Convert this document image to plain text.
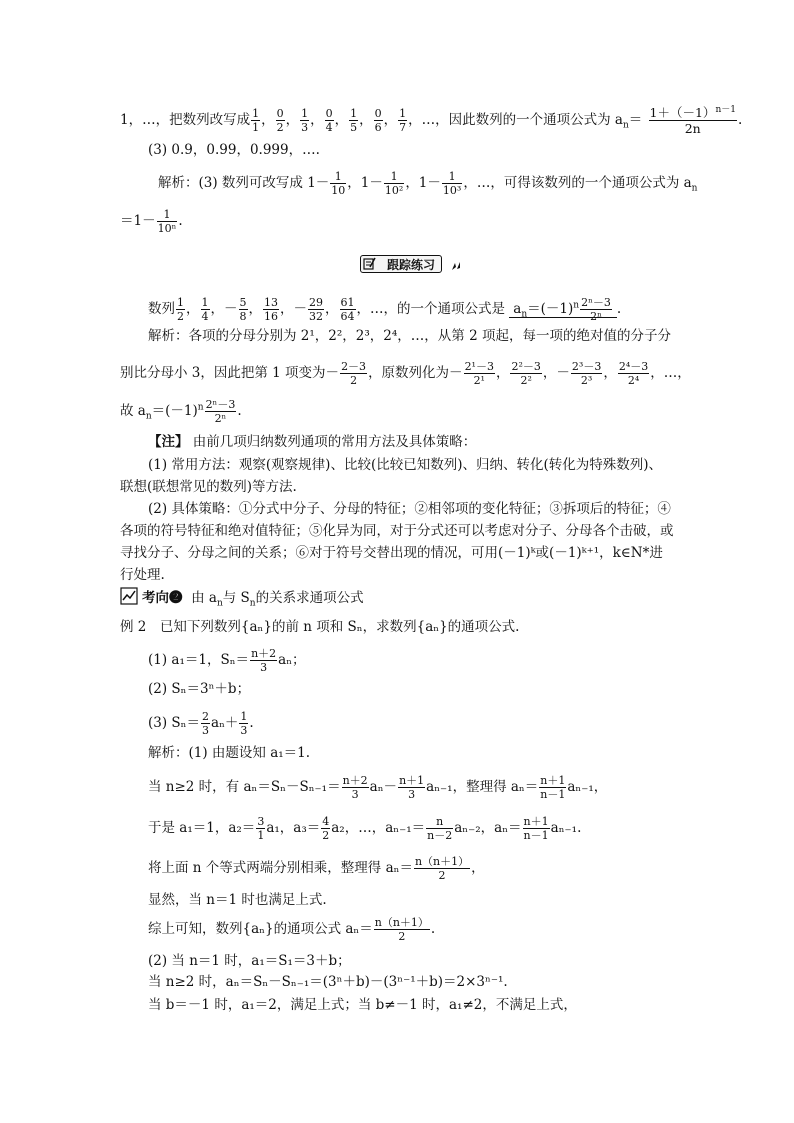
1，…，把数列改写成 $\frac{1}{1}$ ， $\frac{0}{2}$ ， $\frac{1}{3}$ ， $\frac{0}{4}$ ， $\frac{1}{5}$ ， $\frac{0}{6}$ ， $\frac{1}{7}$ ，…，因此数列的一个通项公式为 $a_n= \frac{1+(-1)^{n-1}}{2n}$ .
(3) 0.9，0.99，0.999，….
解析：(3) 数列可改写成 $1- \frac{1}{10}$ ，$1- \frac{1}{\text{10²}}$ ，$1- \frac{1}{\text{10³}}$ ，…，可得该数列的一个通项公式为 $a_n$
$=1- \frac{1}{\text{10ⁿ}}$ .
跟踪练习
数列 $\frac{1}{2}$ ， $\frac{1}{4}$ ，－ $\frac{5}{8}$ ， $\frac{13}{16}$ ，－ $\frac{29}{32}$ ， $\frac{61}{64}$ ，…，的一个通项公式是 $a_n=(-1)^n \frac{\text{2ⁿ－3}}{\text{2ⁿ}}$ .
解析：各项的分母分别为 2¹，2²，2³，2⁴，…，从第 2 项起，每一项的绝对值的分子分
别比分母小 3，因此把第 1 项变为－ $\frac{2-3}{2}$ ，原数列化为－ $\frac{\text{2¹－3}}{\text{2¹}}$ ， $\frac{\text{2²－3}}{\text{2²}}$ ，－ $\frac{\text{2³－3}}{\text{2³}}$ ， $\frac{\text{2⁴－3}}{\text{2⁴}}$ ，…，
故 $a_n=(-1)^n \frac{\text{2ⁿ－3}}{\text{2ⁿ}}$ .
【注】 由前几项归纳数列通项的常用方法及具体策略：
(1) 常用方法：观察(观察规律)、比较(比较已知数列)、归纳、转化(转化为特殊数列)、
联想(联想常见的数列)等方法.
(2) 具体策略：①分式中分子、分母的特征；②相邻项的变化特征；③拆项后的特征；④
各项的符号特征和绝对值特征；⑤化异为同，对于分式还可以考虑对分子、分母各个击破，或
寻找分子、分母之间的关系；⑥对于符号交替出现的情况，可用(－1)ᵏ或(－1)ᵏ⁺¹，k∈N*进
行处理.
考向❷ 由 $a_n$与 $S_n$的关系求通项公式
例 2　已知下列数列{aₙ}的前 n 项和 Sₙ，求数列{aₙ}的通项公式.
(1) a₁＝1，$S_n= \frac{n+2}{3}$ aₙ；
(2) Sₙ＝3ⁿ＋b；
(3) $S_n= \frac{2}{3} a_n+ \frac{1}{3}$ .
解析：(1) 由题设知 a₁＝1.
当 n≥2 时，有 $a_n=S_n-S_{n-1}= \frac{n+2}{3} a_n- \frac{n+1}{3} a_{n-1}$，整理得 $a_n= \frac{n+1}{n-1} a_{n-1}$，
于是 a₁＝1，$a_2= \frac{3}{1} a_1$，$a_3= \frac{4}{2} a_2$，…，$a_{n-1}= \frac{n}{n-2} a_{n-2}$，$a_n= \frac{n+1}{n-1} a_{n-1}$.
将上面 n 个等式两端分别相乘，整理得 $a_n= \frac{n(n+1)}{2}$ ，
显然，当 n＝1 时也满足上式.
综上可知，数列{aₙ}的通项公式 $a_n= \frac{n(n+1)}{2}$ .
(2) 当 n＝1 时，a₁＝S₁＝3＋b；
当 n≥2 时，aₙ＝Sₙ－Sₙ₋₁＝(3ⁿ＋b)－(3ⁿ⁻¹＋b)＝2×3ⁿ⁻¹.
当 b＝－1 时，a₁＝2，满足上式；当 b≠－1 时，a₁≠2，不满足上式，
